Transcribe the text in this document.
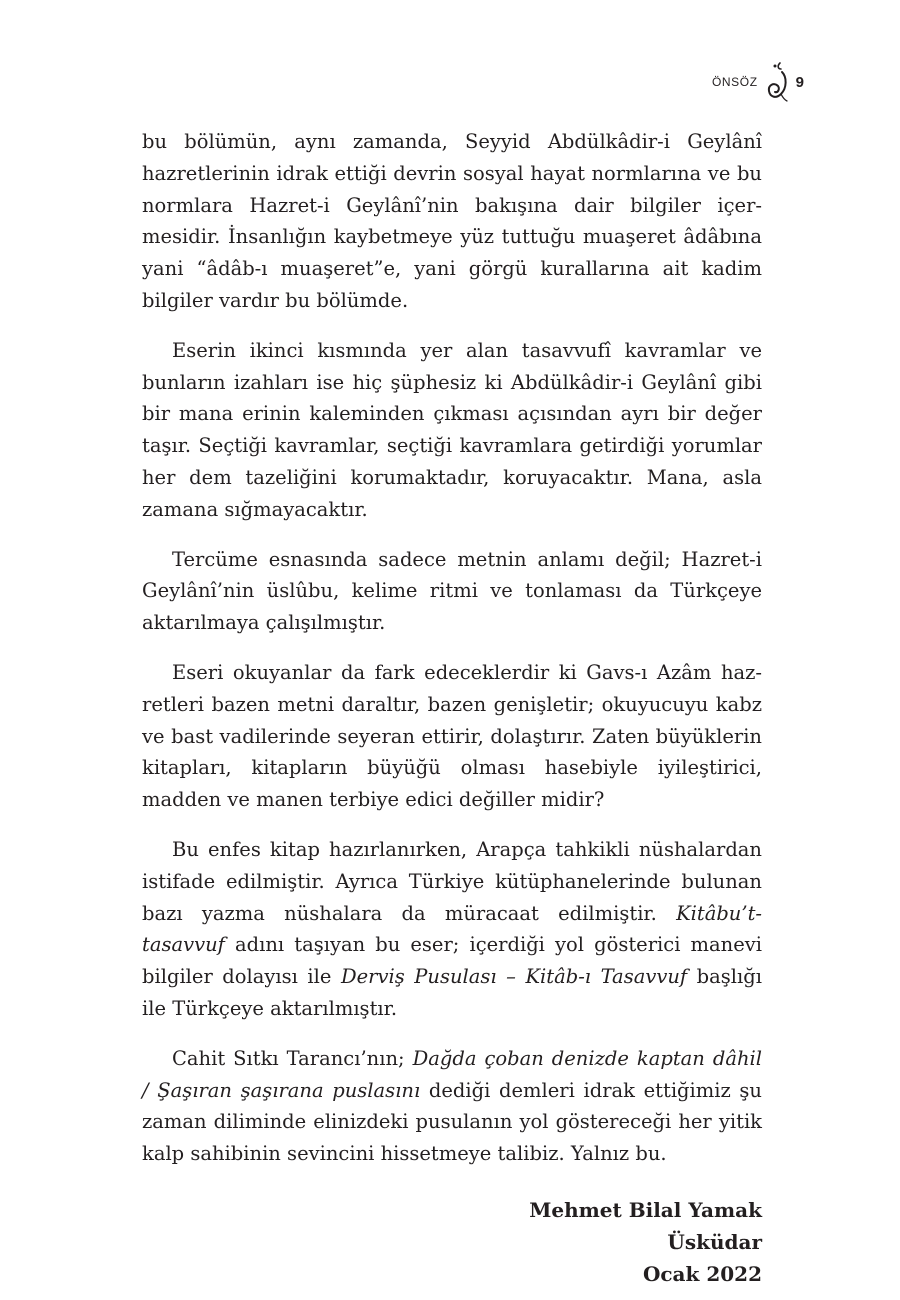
ÖNSÖZ	9

bu bölümün, aynı zamanda, Seyyid Abdülkâdir-i Geylânî hazretlerinin idrak ettiği devrin sosyal hayat normlarına ve bu normlara Hazret-i Geylânî’nin bakışına dair bilgiler içermesidir. İnsanlığın kaybetmeye yüz tuttuğu muaşeret âdâbına yani “âdâb-ı muaşeret”e, yani görgü kurallarına ait kadim bilgiler vardır bu bölümde.

Eserin ikinci kısmında yer alan tasavvufî kavramlar ve bunların izahları ise hiç şüphesiz ki Abdülkâdir-i Geylânî gibi bir mana erinin kaleminden çıkması açısından ayrı bir değer taşır. Seçtiği kavramlar, seçtiği kavramlara getirdiği yorumlar her dem tazeliğini korumaktadır, koruyacaktır. Mana, asla zamana sığmayacaktır.

Tercüme esnasında sadece metnin anlamı değil; Hazret-i Geylânî’nin üslûbu, kelime ritmi ve tonlaması da Türkçeye aktarılmaya çalışılmıştır.

Eseri okuyanlar da fark edeceklerdir ki Gavs-ı Azâm hazretleri bazen metni daraltır, bazen genişletir; okuyucuyu kabz ve bast vadilerinde seyeran ettirir, dolaştırır. Zaten büyüklerin kitapları, kitapların büyüğü olması hasebiyle iyileştirici, madden ve manen terbiye edici değiller midir?

Bu enfes kitap hazırlanırken, Arapça tahkikli nüshalardan istifade edilmiştir. Ayrıca Türkiye kütüphanelerinde bulunan bazı yazma nüshalara da müracaat edilmiştir. Kitâbu’t-tasavvuf adını taşıyan bu eser; içerdiği yol gösterici manevi bilgiler dolayısı ile Derviş Pusulası – Kitâb-ı Tasavvuf başlığı ile Türkçeye aktarılmıştır.

Cahit Sıtkı Tarancı’nın; Dağda çoban denizde kaptan dâhil / Şaşıran şaşırana puslasını dediği demleri idrak ettiğimiz şu zaman diliminde elinizdeki pusulanın yol göstereceği her yitik kalp sahibinin sevincini hissetmeye talibiz. Yalnız bu.

Mehmet Bilal Yamak
Üsküdar
Ocak 2022
